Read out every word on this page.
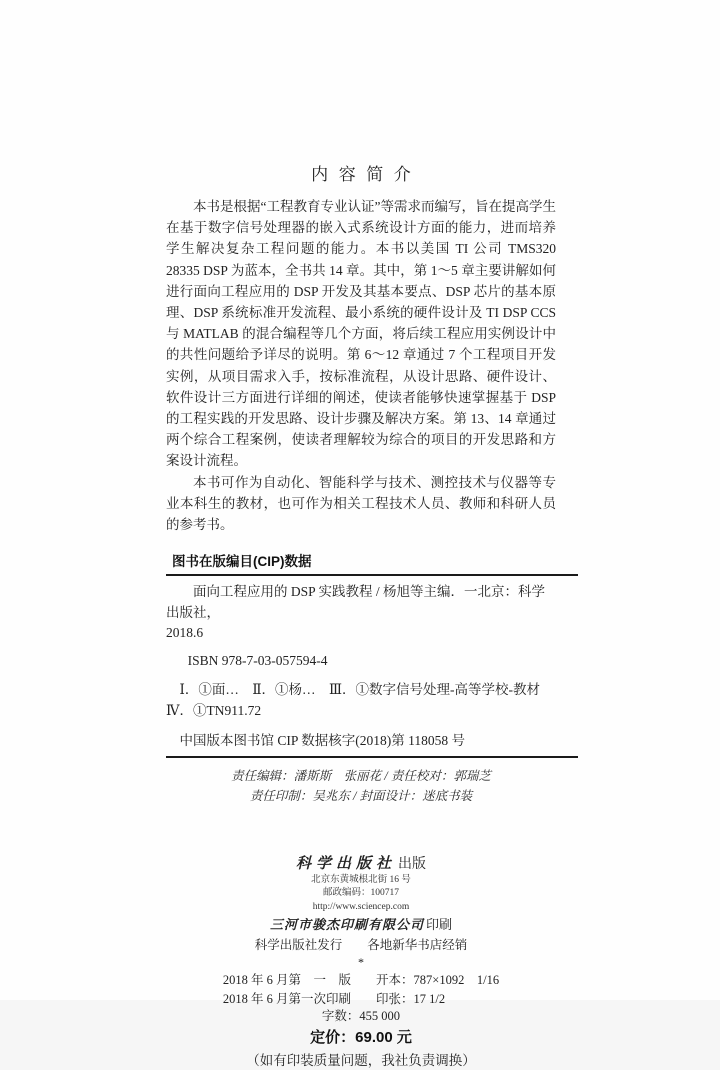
内容简介

本书是根据“工程教育专业认证”等需求而编写，旨在提高学生在基于数字信号处理器的嵌入式系统设计方面的能力，进而培养学生解决复杂工程问题的能力。本书以美国 TI 公司 TMS320 28335 DSP 为蓝本，全书共 14 章。其中，第 1～5 章主要讲解如何进行面向工程应用的 DSP 开发及其基本要点、DSP 芯片的基本原理、DSP 系统标准开发流程、最小系统的硬件设计及 TI DSP CCS 与 MATLAB 的混合编程等几个方面，将后续工程应用实例设计中的共性问题给予详尽的说明。第 6～12 章通过 7 个工程项目开发实例，从项目需求入手，按标准流程，从设计思路、硬件设计、软件设计三方面进行详细的阐述，使读者能够快速掌握基于 DSP 的工程实践的开发思路、设计步骤及解决方案。第 13、14 章通过两个综合工程案例，使读者理解较为综合的项目的开发思路和方案设计流程。

本书可作为自动化、智能科学与技术、测控技术与仪器等专业本科生的教材，也可作为相关工程技术人员、教师和科研人员的参考书。

图书在版编目(CIP)数据

面向工程应用的 DSP 实践教程 / 杨旭等主编．一北京：科学出版社，

2018.6

ISBN 978-7-03-057594-4

Ⅰ．①面…　Ⅱ．①杨…　Ⅲ．①数字信号处理-高等学校-教材

Ⅳ．①TN911.72

中国版本图书馆 CIP 数据核字(2018)第 118058 号

责任编辑：潘斯斯　张丽花 / 责任校对：郭瑞芝

责任印制：吴兆东 / 封面设计：迷底书装

科学出版社 出版

北京东黄城根北街 16 号

邮政编码：100717

http://www.sciencep.com

三河市骏杰印刷有限公司 印刷

科学出版社发行　　各地新华书店经销

*

2018 年 6 月第　一　版　　开本：787×1092　1/16

2018 年 6 月第一次印刷　　印张：17 1/2

字数：455 000

定价：69.00 元

（如有印装质量问题，我社负责调换）
